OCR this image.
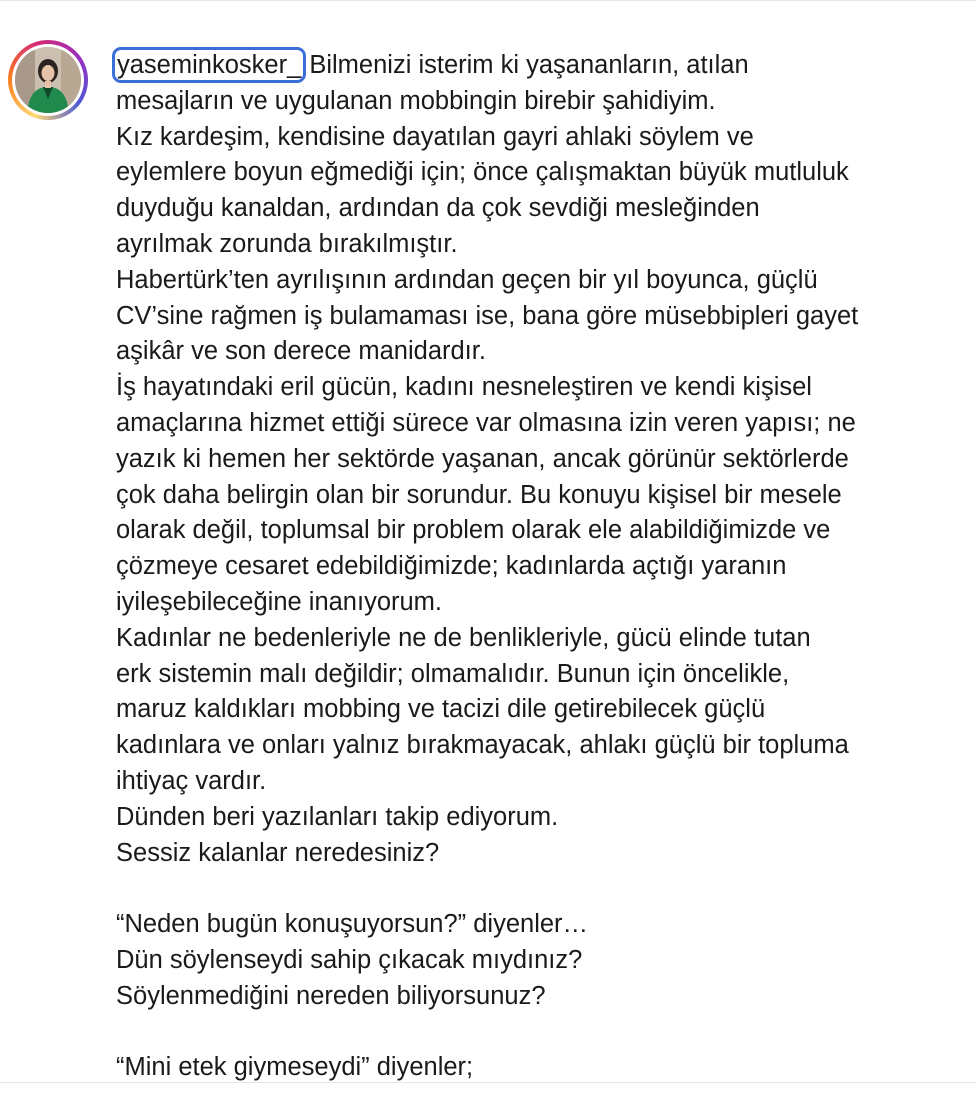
yaseminkosker_ Bilmenizi isterim ki yaşananların, atılan
mesajların ve uygulanan mobbingin birebir şahidiyim.
Kız kardeşim, kendisine dayatılan gayri ahlaki söylem ve
eylemlere boyun eğmediği için; önce çalışmaktan büyük mutluluk
duyduğu kanaldan, ardından da çok sevdiği mesleğinden
ayrılmak zorunda bırakılmıştır.
Habertürk’ten ayrılışının ardından geçen bir yıl boyunca, güçlü
CV’sine rağmen iş bulamaması ise, bana göre müsebbipleri gayet
aşikâr ve son derece manidardır.
İş hayatındaki eril gücün, kadını nesneleştiren ve kendi kişisel
amaçlarına hizmet ettiği sürece var olmasına izin veren yapısı; ne
yazık ki hemen her sektörde yaşanan, ancak görünür sektörlerde
çok daha belirgin olan bir sorundur. Bu konuyu kişisel bir mesele
olarak değil, toplumsal bir problem olarak ele alabildiğimizde ve
çözmeye cesaret edebildiğimizde; kadınlarda açtığı yaranın
iyileşebileceğine inanıyorum.
Kadınlar ne bedenleriyle ne de benlikleriyle, gücü elinde tutan
erk sistemin malı değildir; olmamalıdır. Bunun için öncelikle,
maruz kaldıkları mobbing ve tacizi dile getirebilecek güçlü
kadınlara ve onları yalnız bırakmayacak, ahlakı güçlü bir topluma
ihtiyaç vardır.
Dünden beri yazılanları takip ediyorum.
Sessiz kalanlar neredesiniz?
“Neden bugün konuşuyorsun?” diyenler…
Dün söylenseydi sahip çıkacak mıydınız?
Söylenmediğini nereden biliyorsunuz?
“Mini etek giymeseydi” diyenler;
